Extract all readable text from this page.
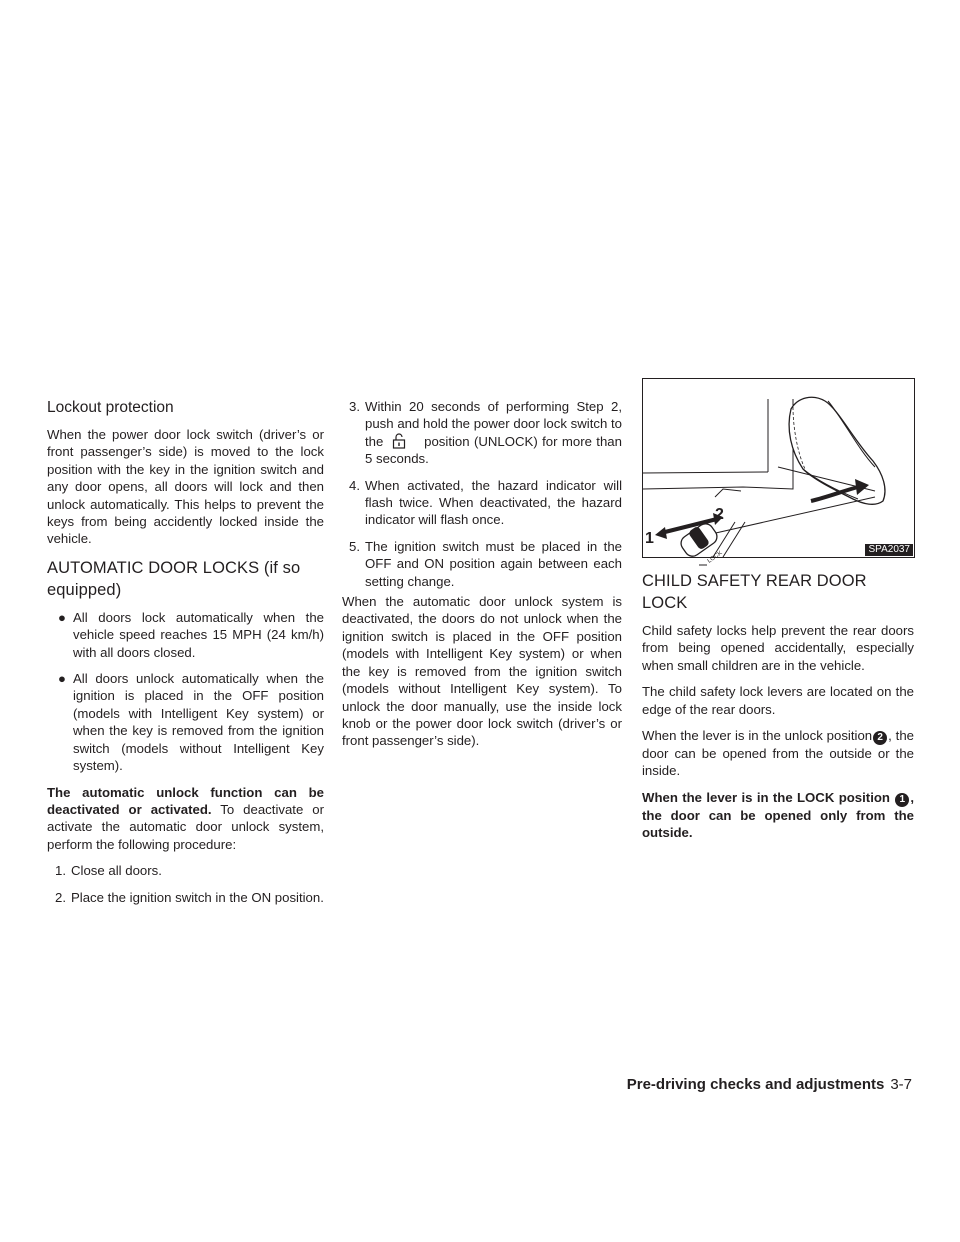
Lockout protection

When the power door lock switch (driver’s or front passenger’s side) is moved to the lock position with the key in the ignition switch and any door opens, all doors will lock and then unlock automatically. This helps to prevent the keys from being accidently locked inside the vehicle.

AUTOMATIC DOOR LOCKS (if so equipped)
● All doors lock automatically when the vehicle speed reaches 15 MPH (24 km/h) with all doors closed.
● All doors unlock automatically when the ignition is placed in the OFF position (models with Intelligent Key system) or when the key is removed from the ignition switch (models without Intelligent Key system).

The automatic unlock function can be deactivated or activated. To deactivate or activate the automatic door unlock system, perform the following procedure:

1. Close all doors.
2. Place the ignition switch in the ON position.
3. Within 20 seconds of performing Step 2, push and hold the power door lock switch to the	position (UNLOCK) for more than 5 seconds.
4. When activated, the hazard indicator will flash twice. When deactivated, the hazard indicator will flash once.
5. The ignition switch must be placed in the OFF and ON position again between each setting change.

When the automatic door unlock system is deactivated, the doors do not unlock when the ignition switch is placed in the OFF position (models with Intelligent Key system) or when the key is removed from the ignition switch (models without Intelligent Key system). To unlock the door manually, use the inside lock knob or the power door lock switch (driver’s or front passenger’s side).

LOCK
1
2
SPA2037
CHILD SAFETY REAR DOOR LOCK

Child safety locks help prevent the rear doors from being opened accidentally, especially when small children are in the vehicle.

The child safety lock levers are located on the edge of the rear doors.

When the lever is in the unlock position 2 , the door can be opened from the outside or the inside.

When the lever is in the LOCK position 1 , the door can be opened only from the outside.

Pre-driving checks and adjustments 3-7
